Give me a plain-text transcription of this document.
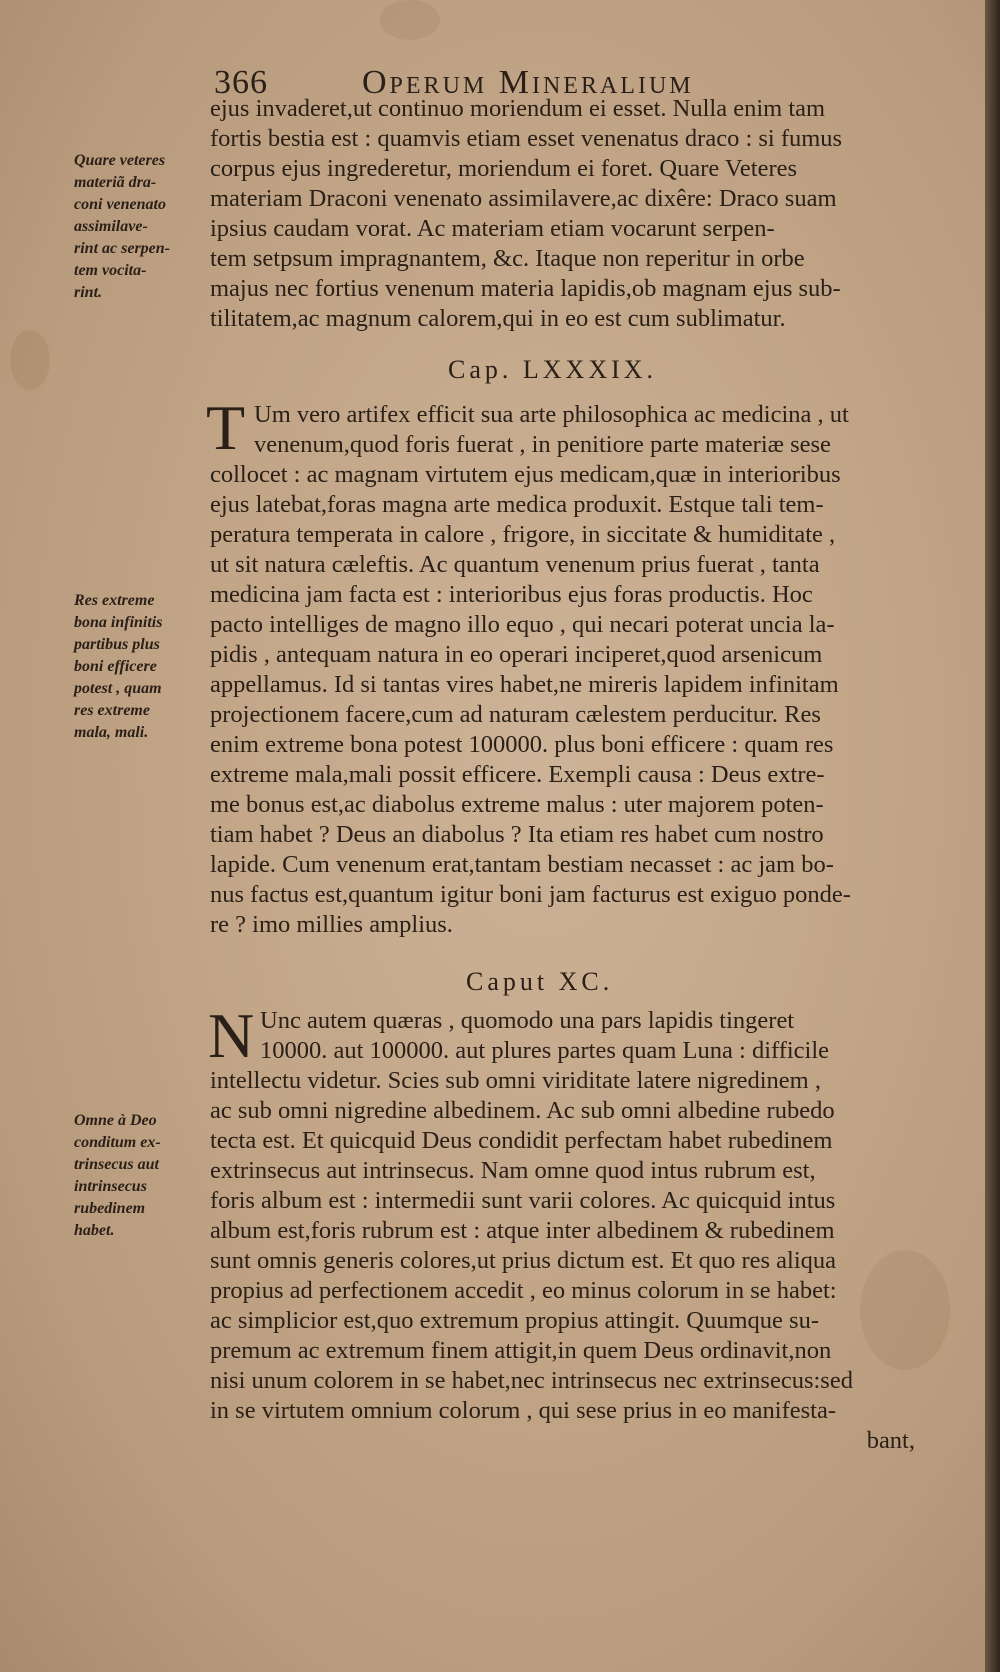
366	Operum Mineralium
ejus invaderet,ut continuo moriendum ei esset. Nulla enim tam
fortis bestia est : quamvis etiam esset venenatus draco : si fumus
corpus ejus ingrederetur, moriendum ei foret. Quare Veteres
materiam Draconi venenato assimilavere,ac dixêre: Draco suam
ipsius caudam vorat. Ac materiam etiam vocarunt serpen-
tem setpsum impragnantem, &c. Itaque non reperitur in orbe
majus nec fortius venenum materia lapidis,ob magnam ejus sub-
tilitatem,ac magnum calorem,qui in eo est cum sublimatur.
Quare veteres
materiã dra-
coni venenato
assimilave-
rint ac serpen-
tem vocita-
rint.
Cap. LXXXIX.
T Um vero artifex efficit sua arte philosophica ac medicina , ut
venenum,quod foris fuerat , in penitiore parte materiæ sese
collocet : ac magnam virtutem ejus medicam,quæ in interioribus
ejus latebat,foras magna arte medica produxit. Estque tali tem-
peratura temperata in calore , frigore, in siccitate & humiditate ,
ut sit natura cæleftis. Ac quantum venenum prius fuerat , tanta
medicina jam facta est : interioribus ejus foras productis. Hoc
pacto intelliges de magno illo equo , qui necari poterat uncia la-
pidis , antequam natura in eo operari inciperet,quod arsenicum
appellamus. Id si tantas vires habet,ne mireris lapidem infinitam
projectionem facere,cum ad naturam cælestem perducitur. Res
enim extreme bona potest 100000. plus boni efficere : quam res
extreme mala,mali possit efficere. Exempli causa : Deus extre-
me bonus est,ac diabolus extreme malus : uter majorem poten-
tiam habet ? Deus an diabolus ? Ita etiam res habet cum nostro
lapide. Cum venenum erat,tantam bestiam necasset : ac jam bo-
nus factus est,quantum igitur boni jam facturus est exiguo ponde-
re ? imo millies amplius.
Res extreme
bona infinitis
partibus plus
boni efficere
potest , quam
res extreme
mala, mali.
Caput XC.
N Unc autem quæras , quomodo una pars lapidis tingeret
10000. aut 100000. aut plures partes quam Luna : difficile
intellectu videtur. Scies sub omni viriditate latere nigredinem ,
ac sub omni nigredine albedinem. Ac sub omni albedine rubedo
tecta est. Et quicquid Deus condidit perfectam habet rubedinem
extrinsecus aut intrinsecus. Nam omne quod intus rubrum est,
foris album est : intermedii sunt varii colores. Ac quicquid intus
album est,foris rubrum est : atque inter albedinem & rubedinem
sunt omnis generis colores,ut prius dictum est. Et quo res aliqua
propius ad perfectionem accedit , eo minus colorum in se habet:
ac simplicior est,quo extremum propius attingit. Quumque su-
premum ac extremum finem attigit,in quem Deus ordinavit,non
nisi unum colorem in se habet,nec intrinsecus nec extrinsecus:sed
in se virtutem omnium colorum , qui sese prius in eo manifesta-
bant,
Omne à Deo
conditum ex-
trinsecus aut
intrinsecus
rubedinem
habet.
